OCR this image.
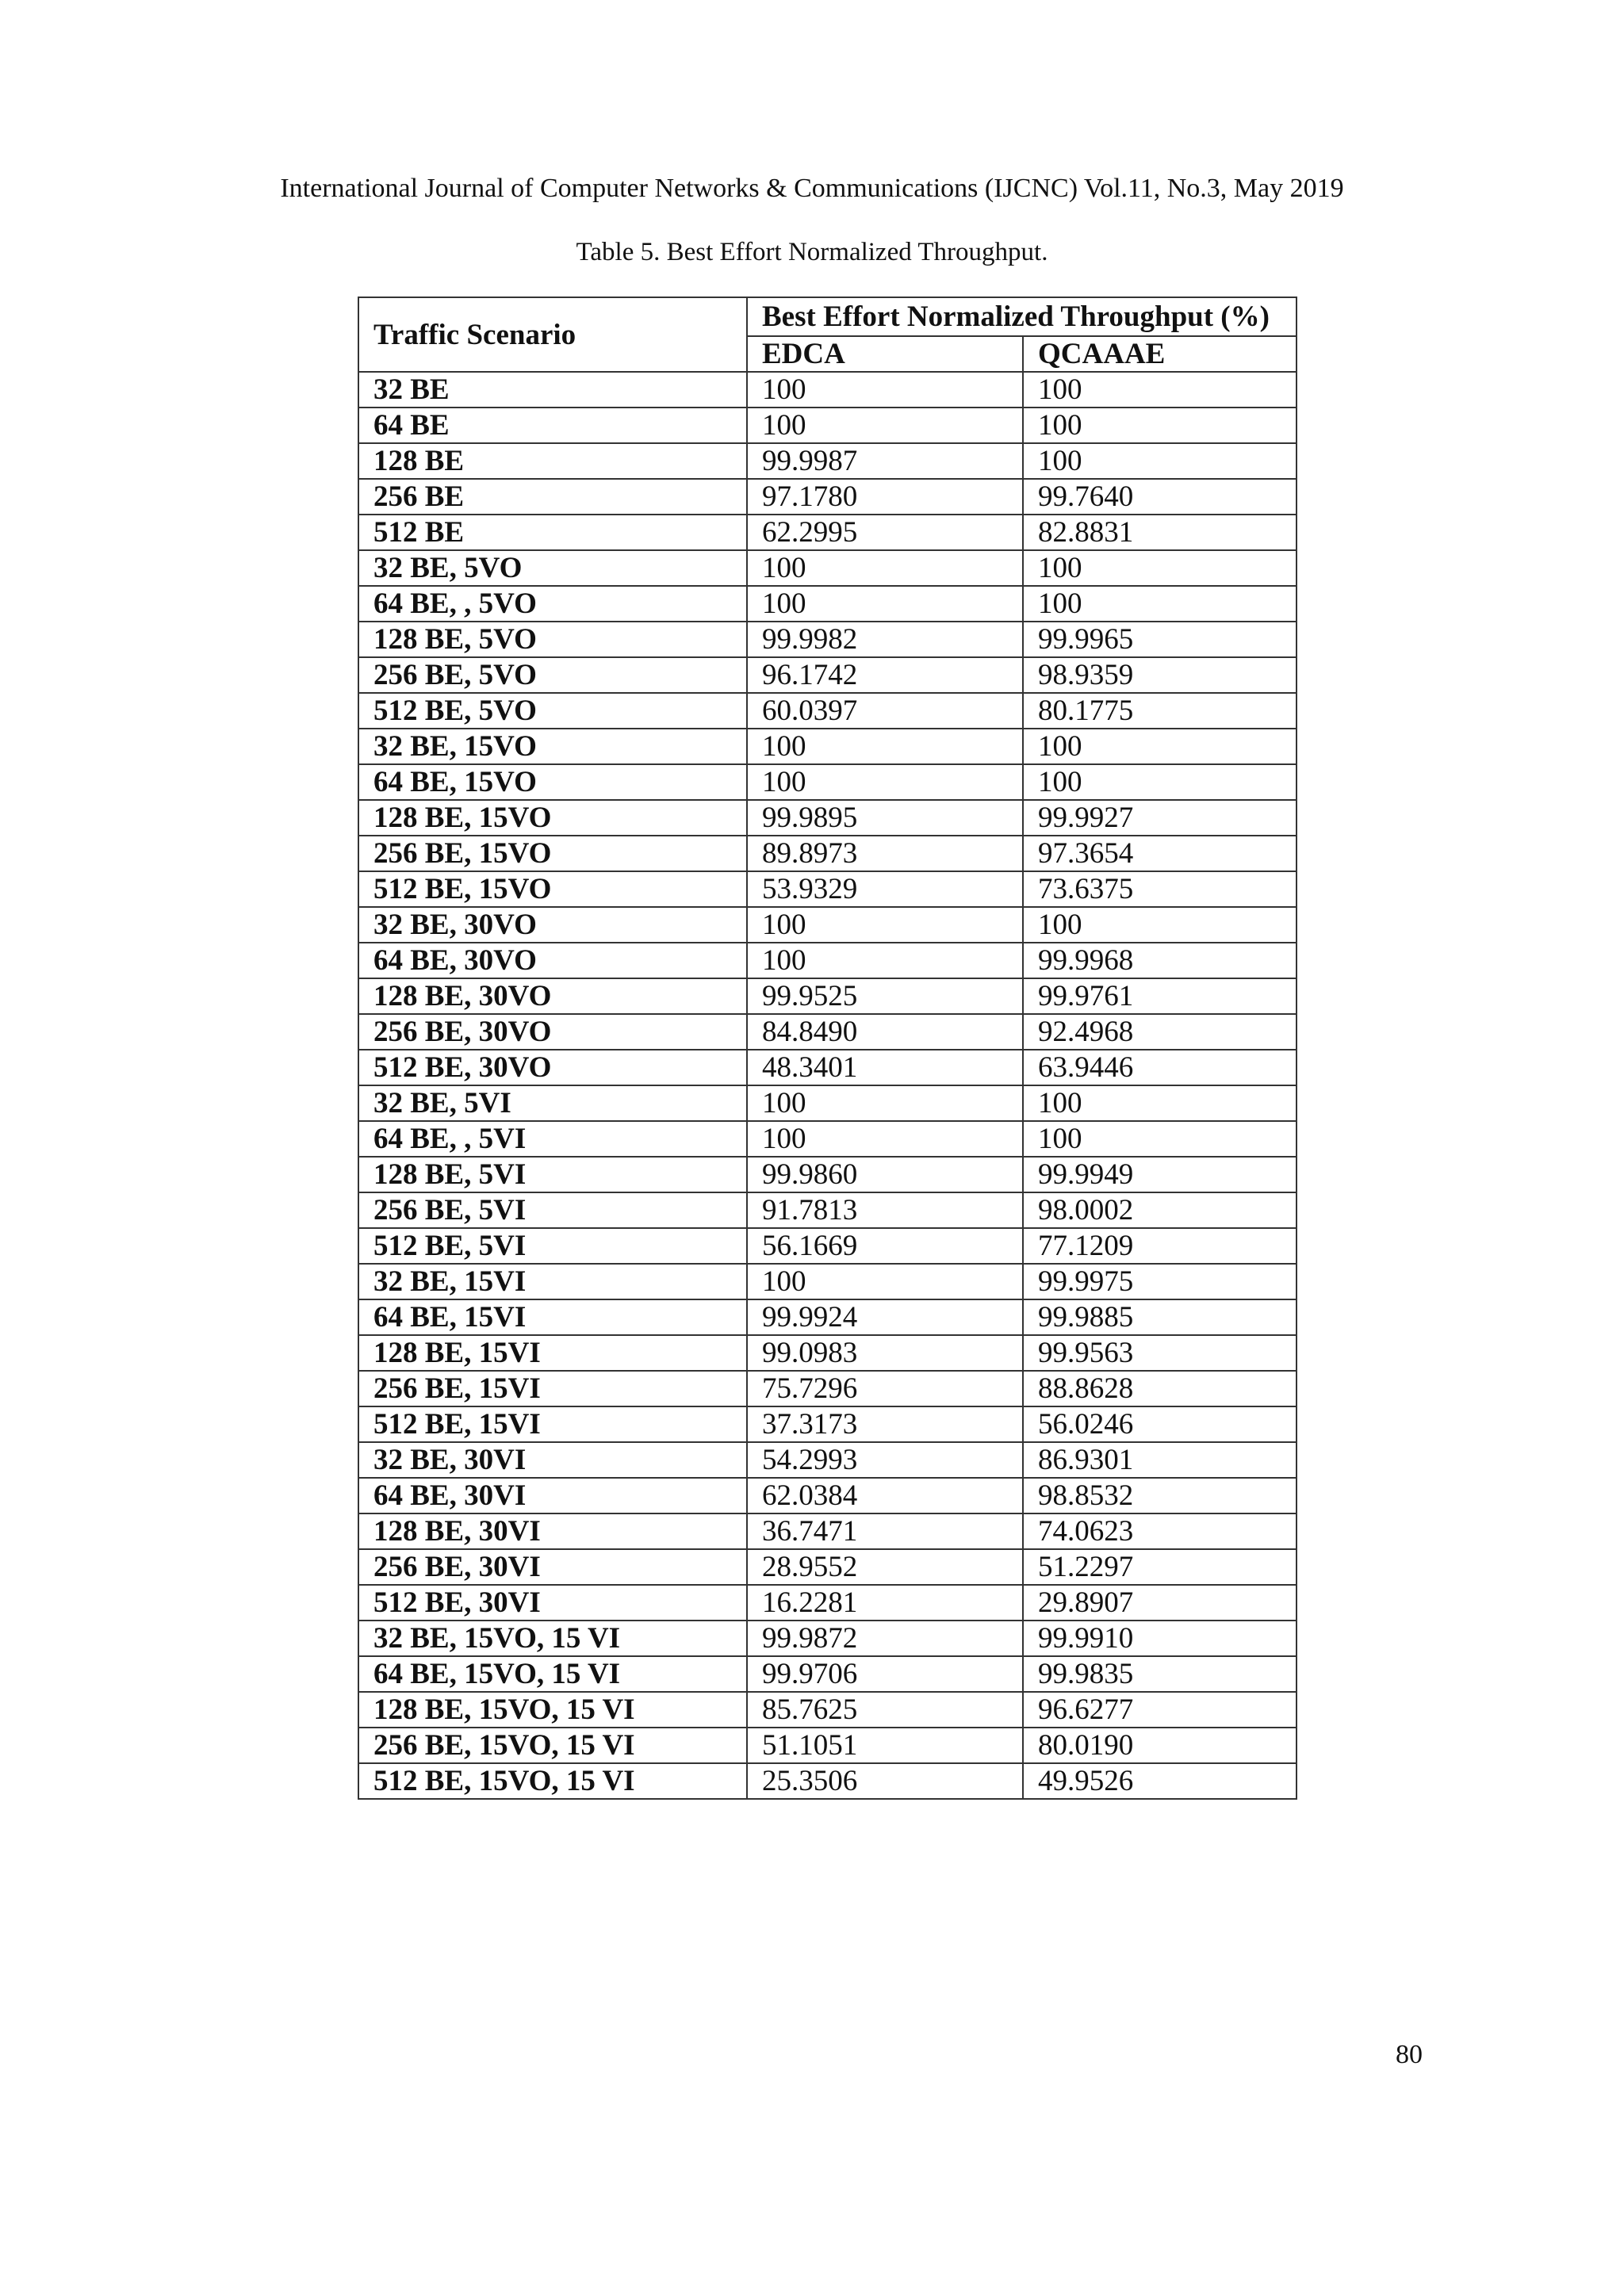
International Journal of Computer Networks & Communications (IJCNC) Vol.11, No.3, May 2019
Table 5. Best Effort Normalized Throughput.
Traffic Scenario	Best Effort Normalized Throughput (%)	
	EDCA	QCAAAE
32 BE	100	100
64 BE	100	100
128 BE	99.9987	100
256 BE	97.1780	99.7640
512 BE	62.2995	82.8831
32 BE, 5VO	100	100
64 BE, , 5VO	100	100
128 BE, 5VO	99.9982	99.9965
256 BE, 5VO	96.1742	98.9359
512 BE, 5VO	60.0397	80.1775
32 BE, 15VO	100	100
64 BE, 15VO	100	100
128 BE, 15VO	99.9895	99.9927
256 BE, 15VO	89.8973	97.3654
512 BE, 15VO	53.9329	73.6375
32 BE, 30VO	100	100
64 BE, 30VO	100	99.9968
128 BE, 30VO	99.9525	99.9761
256 BE, 30VO	84.8490	92.4968
512 BE, 30VO	48.3401	63.9446
32 BE, 5VI	100	100
64 BE, , 5VI	100	100
128 BE, 5VI	99.9860	99.9949
256 BE, 5VI	91.7813	98.0002
512 BE, 5VI	56.1669	77.1209
32 BE, 15VI	100	99.9975
64 BE, 15VI	99.9924	99.9885
128 BE, 15VI	99.0983	99.9563
256 BE, 15VI	75.7296	88.8628
512 BE, 15VI	37.3173	56.0246
32 BE, 30VI	54.2993	86.9301
64 BE, 30VI	62.0384	98.8532
128 BE, 30VI	36.7471	74.0623
256 BE, 30VI	28.9552	51.2297
512 BE, 30VI	16.2281	29.8907
32 BE, 15VO, 15 VI	99.9872	99.9910
64 BE, 15VO, 15 VI	99.9706	99.9835
128 BE, 15VO, 15 VI	85.7625	96.6277
256 BE, 15VO, 15 VI	51.1051	80.0190
512 BE, 15VO, 15 VI	25.3506	49.9526
80
